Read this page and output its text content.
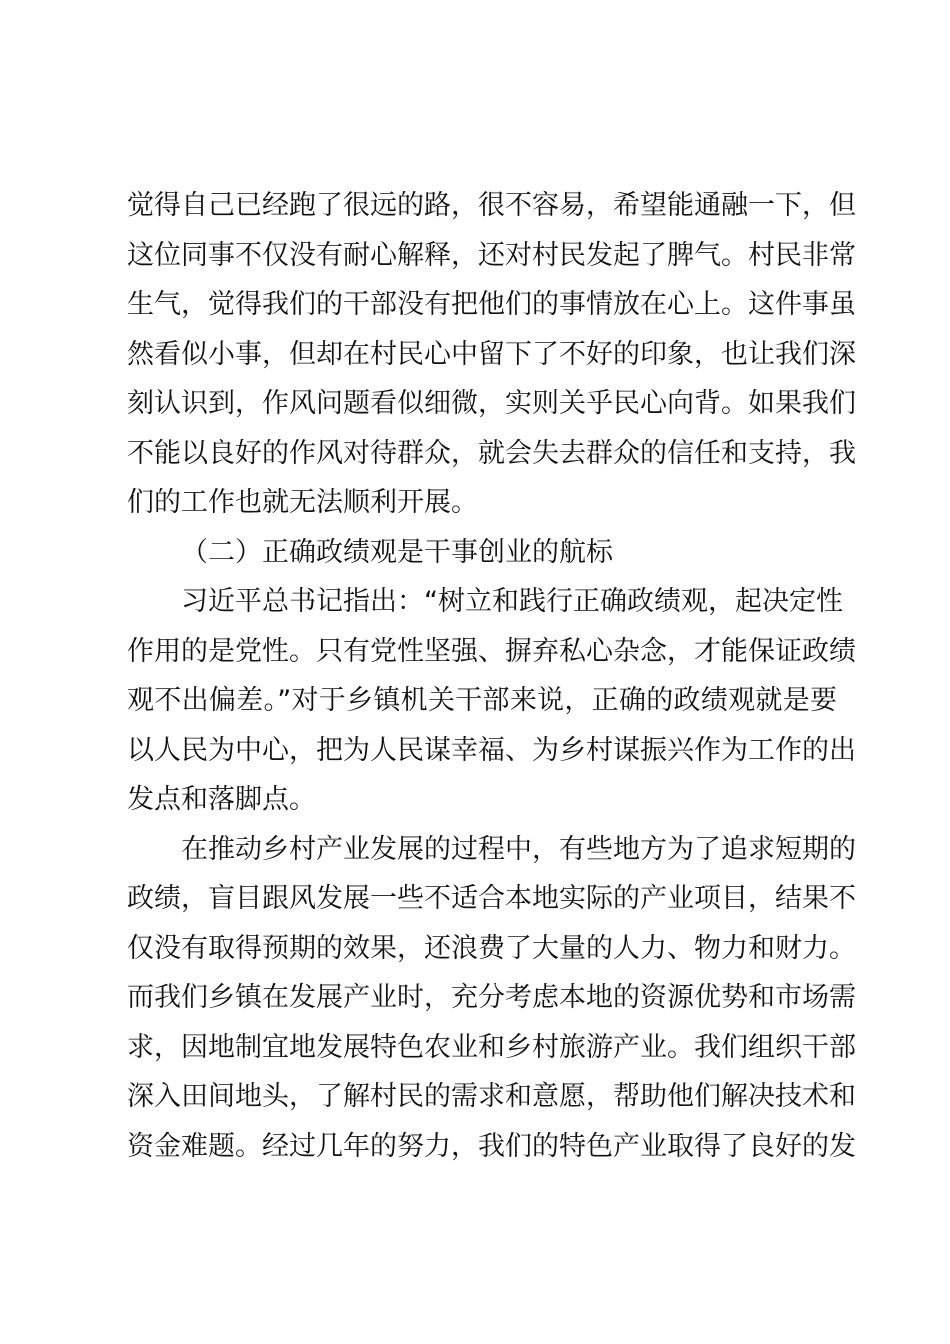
觉得自己已经跑了很远的路，很不容易，希望能通融一下，但
这位同事不仅没有耐心解释，还对村民发起了脾气。村民非常
生气，觉得我们的干部没有把他们的事情放在心上。这件事虽
然看似小事，但却在村民心中留下了不好的印象，也让我们深
刻认识到，作风问题看似细微，实则关乎民心向背。如果我们
不能以良好的作风对待群众，就会失去群众的信任和支持，我
们的工作也就无法顺利开展。
（二）正确政绩观是干事创业的航标
习近平总书记指出：“树立和践行正确政绩观，起决定性
作用的是党性。只有党性坚强、摒弃私心杂念，才能保证政绩
观不出偏差。”对于乡镇机关干部来说，正确的政绩观就是要
以人民为中心，把为人民谋幸福、为乡村谋振兴作为工作的出
发点和落脚点。
在推动乡村产业发展的过程中，有些地方为了追求短期的
政绩，盲目跟风发展一些不适合本地实际的产业项目，结果不
仅没有取得预期的效果，还浪费了大量的人力、物力和财力。
而我们乡镇在发展产业时，充分考虑本地的资源优势和市场需
求，因地制宜地发展特色农业和乡村旅游产业。我们组织干部
深入田间地头，了解村民的需求和意愿，帮助他们解决技术和
资金难题。经过几年的努力，我们的特色产业取得了良好的发
